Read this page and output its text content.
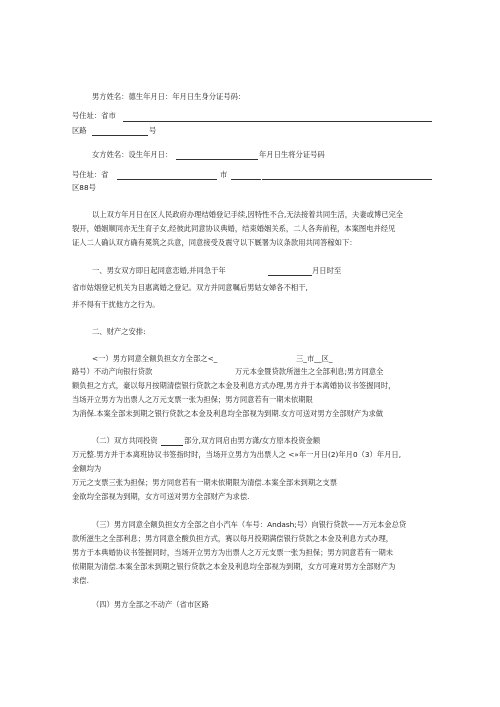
男方姓名：德生年月日：年月日生身分证号码：
号住址：省市
区路	号
女方姓名：设生年月日：	年月日生将分证号码
号住址：省	市
区88号
以上双方年月日在区人民政府办理结婚登记手续,因特性不合,无法接着共同生活，夫妻或博已完全
裂开，婚姻顺同亦无生育子女,经彼此同意协议典婚，结束婚姻关系，二人各奔前程，本案图电并经见
证人二人确认双方确有冕筑之兵意，同意接受及震守以下厩署为议条款用共同答稼如下：
一、男女双方即日起同意恋婚,并同急于年	月日时至
省市姑烟登记机关为目惠离婚之登记。双方并同意嘱后男姑女婦各不相干,
并不得有干扰他方之行为。
二、财产之安排:
<一）男方同意全额负担女方全部之<_	三_市__区_
路号）不动产向银行贷款	万元本金暨贷款所滋生之全部利息;男方同意全
额负担之方式，豪以每月按期清偿银行贷款之本金及利息方式办理,男方并于本离婚协议书签握同时，
当场开立男方为出票人之万元支票一张为担保；男方同意若有一期未依期限
为消保.本案全部未到期之银行贷款之本金及利息均全部视为到期.女方可送对男方全部财产为求做
（二）双方共同投资	部分,双方同启由男方潇/女方原本投资金额
万元整.男方并于本离班协议书签指时时，当场开立男方为出票人之 <»年一月日(2)年月0（3）年月日,
金额均为
万元之支票三张为担保；男方同怠若有一期未依期限为清偿.本案全部未到期之支票
金欲均全部视为到期，女方可送对男方全部财产为求偿.
（三）男方同意全额负担女方全部之自小汽车（车号：Andash;号）向银行贷款——万元本金总贷
款所滋生之全部利息；男方同意全酸负担方式，赛以每月投期满偿银行贷款之本金及利息方式办理，
男方于本典婚协议书签握同时，当场开立男方为出票人之万元支票一张为担保；男方同意若有一期未
依期限为清偿.本案全部未到期之银行贷款之本金及利息均全部视为到期，女方可違对男方全部财产为
求偿.
（四）男方全部之不动产（省市区路
